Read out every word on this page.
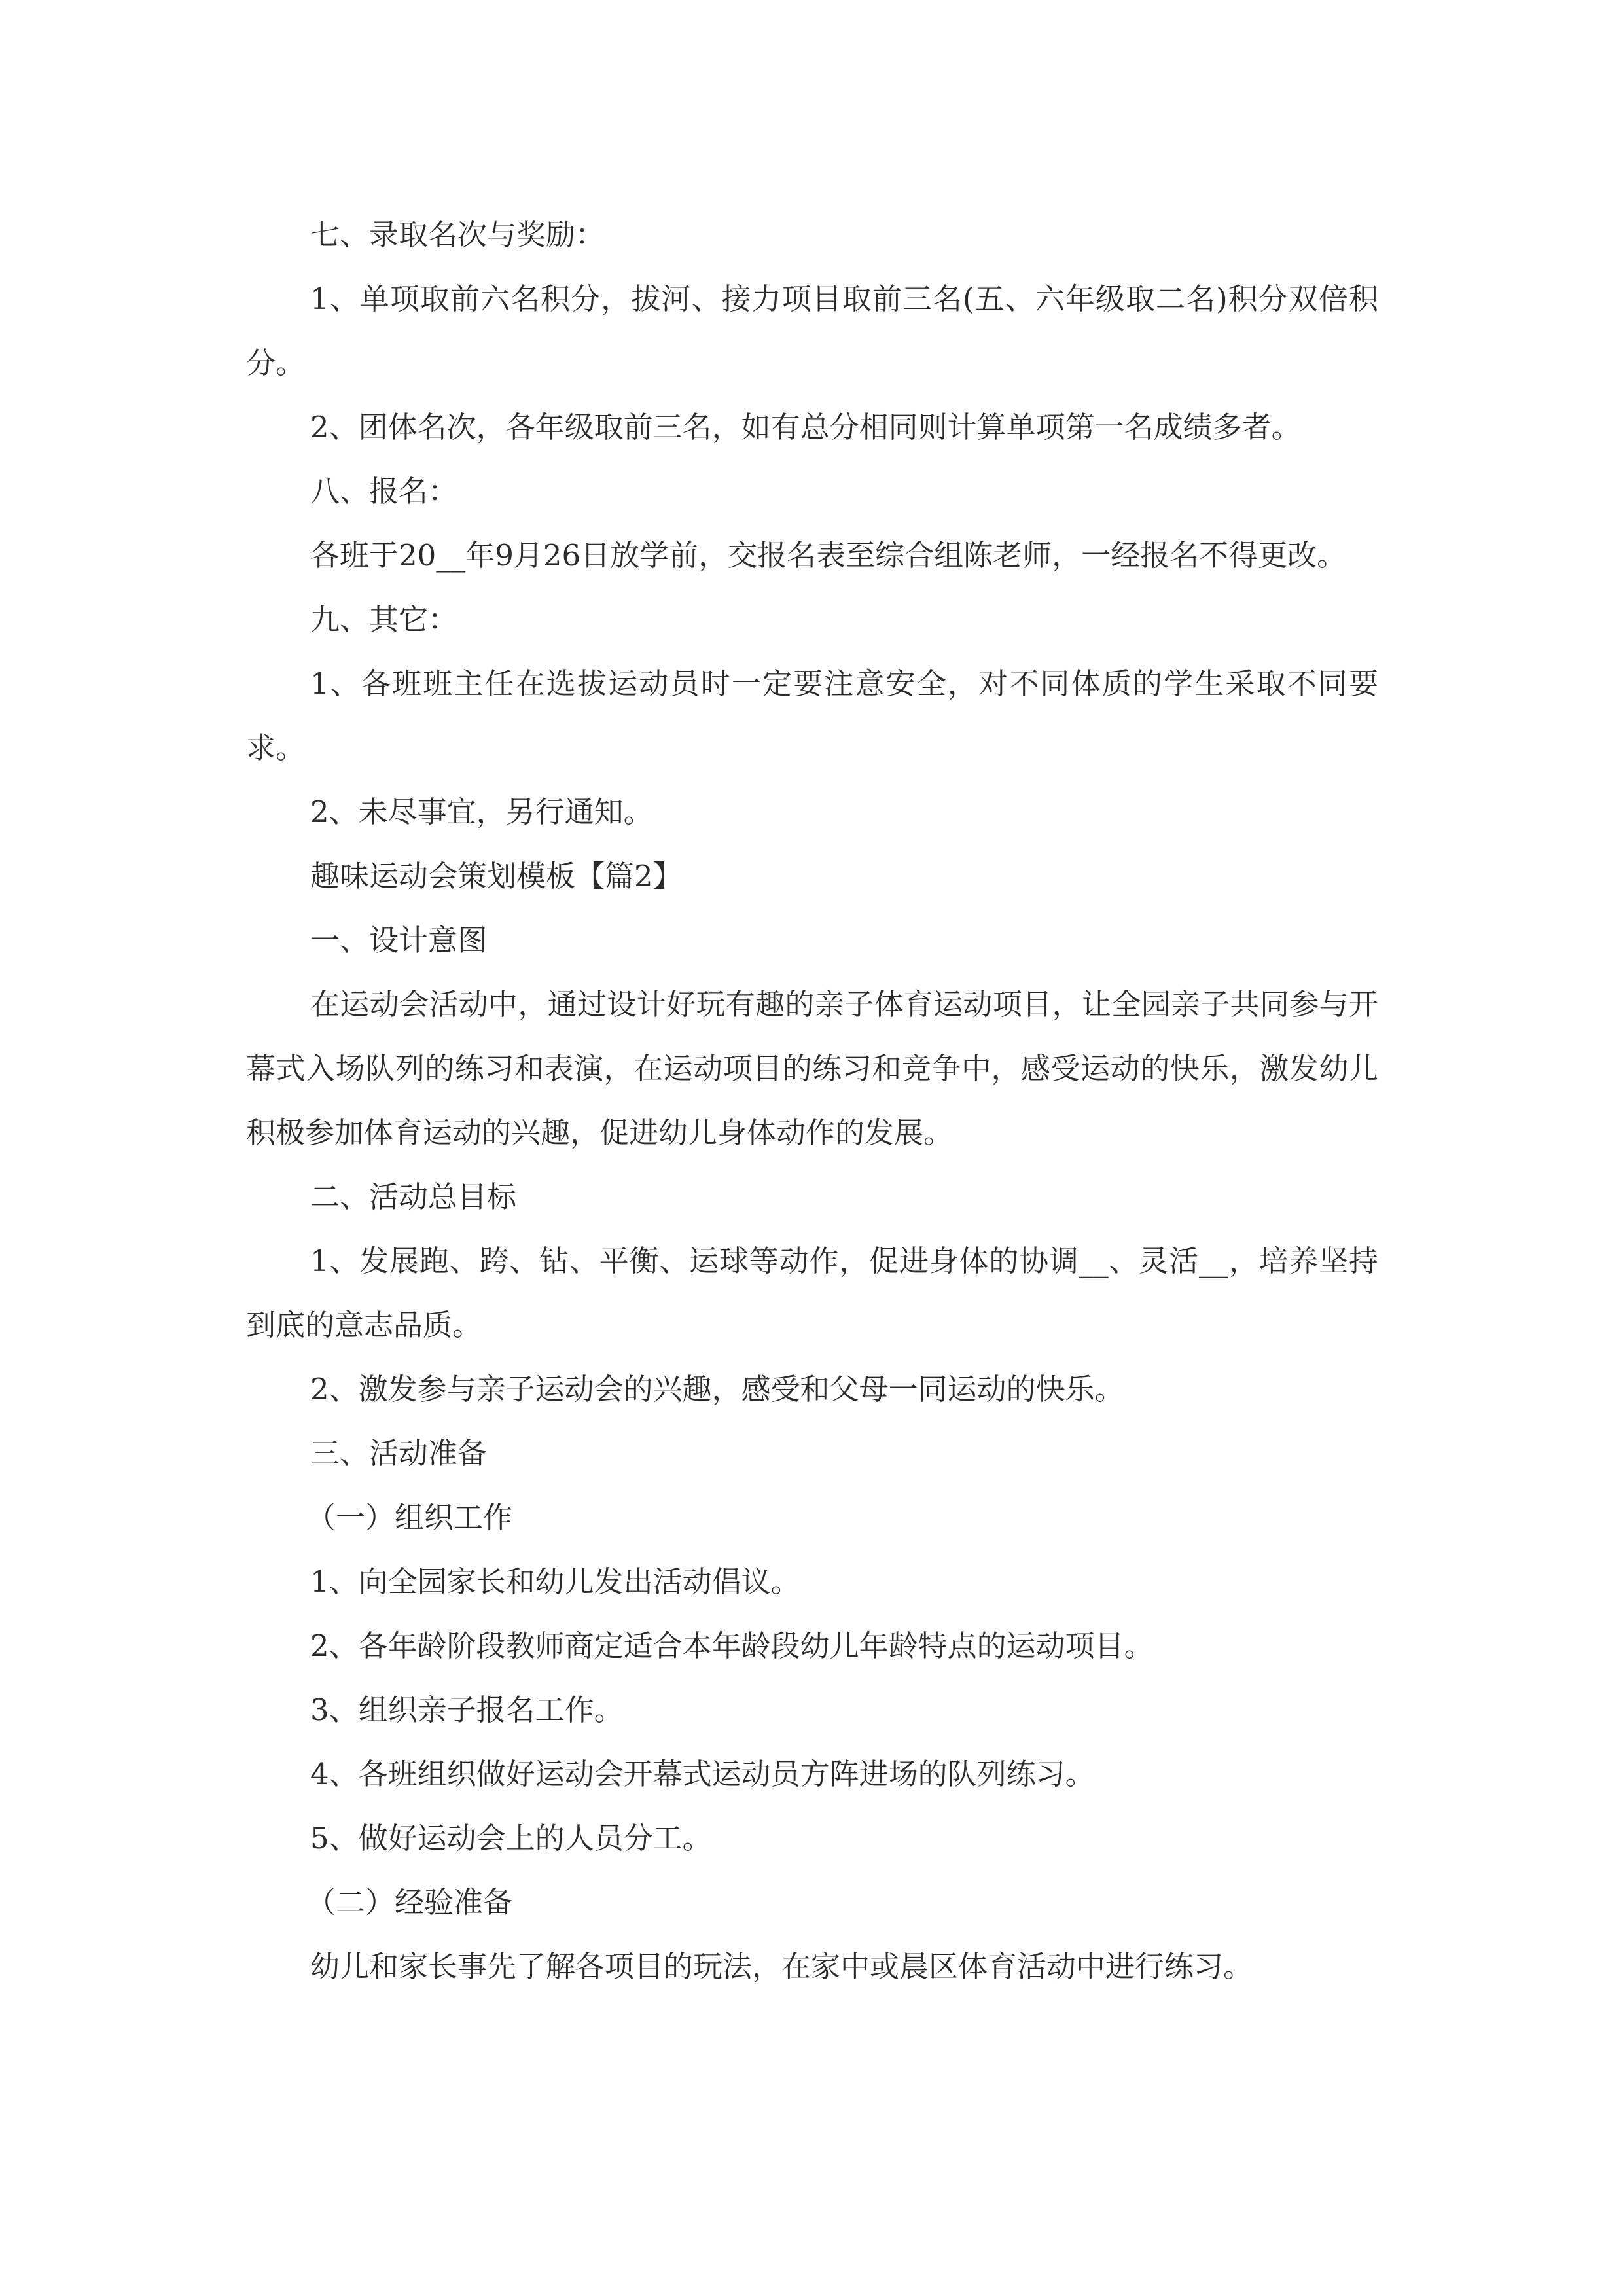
七、录取名次与奖励：

1、单项取前六名积分，拔河、接力项目取前三名(五、六年级取二名)积分双倍积分。

2、团体名次，各年级取前三名，如有总分相同则计算单项第一名成绩多者。

八、报名：

各班于20__年9月26日放学前，交报名表至综合组陈老师，一经报名不得更改。

九、其它：

1、各班班主任在选拔运动员时一定要注意安全，对不同体质的学生采取不同要求。

2、未尽事宜，另行通知。

趣味运动会策划模板【篇2】

一、设计意图

在运动会活动中，通过设计好玩有趣的亲子体育运动项目，让全园亲子共同参与开幕式入场队列的练习和表演，在运动项目的练习和竞争中，感受运动的快乐，激发幼儿积极参加体育运动的兴趣，促进幼儿身体动作的发展。

二、活动总目标

1、发展跑、跨、钻、平衡、运球等动作，促进身体的协调__、灵活__，培养坚持到底的意志品质。

2、激发参与亲子运动会的兴趣，感受和父母一同运动的快乐。

三、活动准备

（一）组织工作

1、向全园家长和幼儿发出活动倡议。

2、各年龄阶段教师商定适合本年龄段幼儿年龄特点的运动项目。

3、组织亲子报名工作。

4、各班组织做好运动会开幕式运动员方阵进场的队列练习。

5、做好运动会上的人员分工。

（二）经验准备

幼儿和家长事先了解各项目的玩法，在家中或晨区体育活动中进行练习。
